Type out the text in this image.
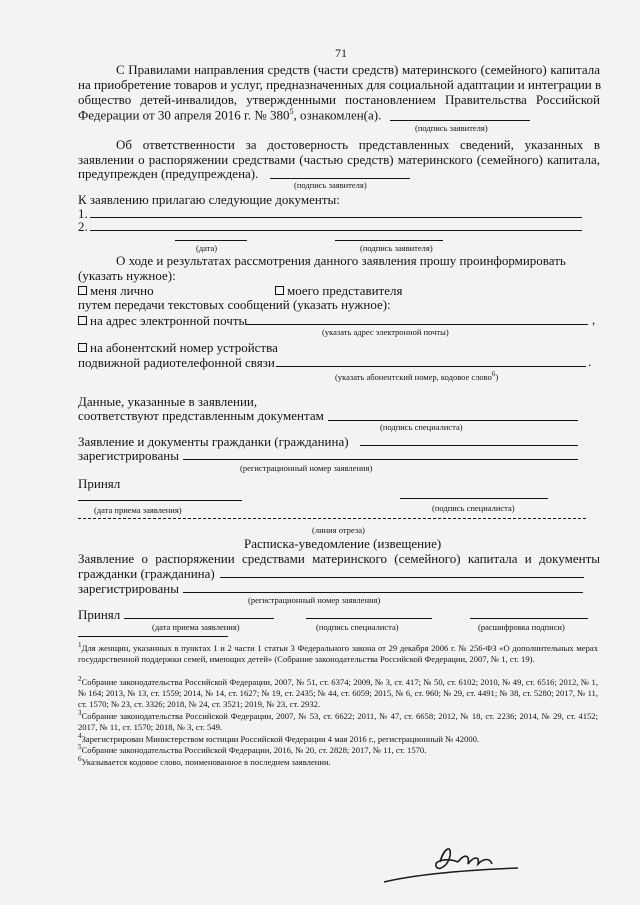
71
С Правилами направления средств (части средств) материнского (семейного) капитала
на приобретение товаров и услуг, предназначенных для социальной адаптации и интеграции в
общество детей-инвалидов, утвержденными постановлением Правительства Российской
Федерации от 30 апреля 2016 г. № $380^5$, ознакомлен(а).
(подпись заявителя)
Об ответственности за достоверность представленных сведений, указанных в
заявлении о распоряжении средствами (частью средств) материнского (семейного) капитала,
предупрежден (предупреждена).
(подпись заявителя)
К заявлению прилагаю следующие документы:
1.
2.
(дата)	(подпись заявителя)
О ходе и результатах рассмотрения данного заявления прошу проинформировать
(указать нужное):
меня лично	моего представителя
путем передачи текстовых сообщений (указать нужное):
на адрес электронной почты	,
(указать адрес электронной почты)
на абонентский номер устройства
подвижной радиотелефонной связи	.
(указать абонентский номер, кодовое слово$^6$)
Данные, указанные в заявлении,
соответствуют представленным документам
(подпись специалиста)
Заявление и документы гражданки (гражданина)
зарегистрированы
(регистрационный номер заявления)
Принял
(дата приема заявления)	(подпись специалиста)
(линия отреза)
Расписка-уведомление (извещение)
Заявление о распоряжении средствами материнского (семейного) капитала и документы
гражданки (гражданина)
зарегистрированы
(регистрационный номер заявления)
Принял
(дата приема заявления)	(подпись специалиста)	(расшифровка подписи)
$^1$Для женщин, указанных в пунктах 1 и 2 части 1 статьи 3 Федерального закона от 29 декабря 2006 г. № 256-ФЗ «О дополнительных мерах государственной поддержки семей, имеющих детей» (Собрание законодательства Российской Федерации, 2007, № 1, ст. 19).
$^2$Собрание законодательства Российской Федерации, 2007, № 51, ст. 6374; 2009, № 3, ст. 417; № 50, ст. 6102; 2010, № 49, ст. 6516; 2012, № 1, № 164; 2013, № 13, ст. 1559; 2014, № 14, ст. 1627; № 19, ст. 2435; № 44, ст. 6059; 2015, № 6, ст. 960; № 29, ст. 4491; № 38, ст. 5280; 2017, № 11, ст. 1570; № 23, ст. 3326; 2018, № 24, ст. 3521; 2019, № 23, ст. 2932.
$^3$Собрание законодательства Российской Федерации, 2007, № 53, ст. 6622; 2011, № 47, ст. 6658; 2012, № 18, ст. 2236; 2014, № 29, ст. 4152; 2017, № 11, ст. 1570; 2018, № 3, ст. 549.
$^4$Зарегистрирован Министерством юстиции Российской Федерации 4 мая 2016 г., регистрационный № 42000.
$^5$Собрание законодательства Российской Федерации, 2016, № 20, ст. 2828; 2017, № 11, ст. 1570.
$^6$Указывается кодовое слово, поименованное в последнем заявлении.
